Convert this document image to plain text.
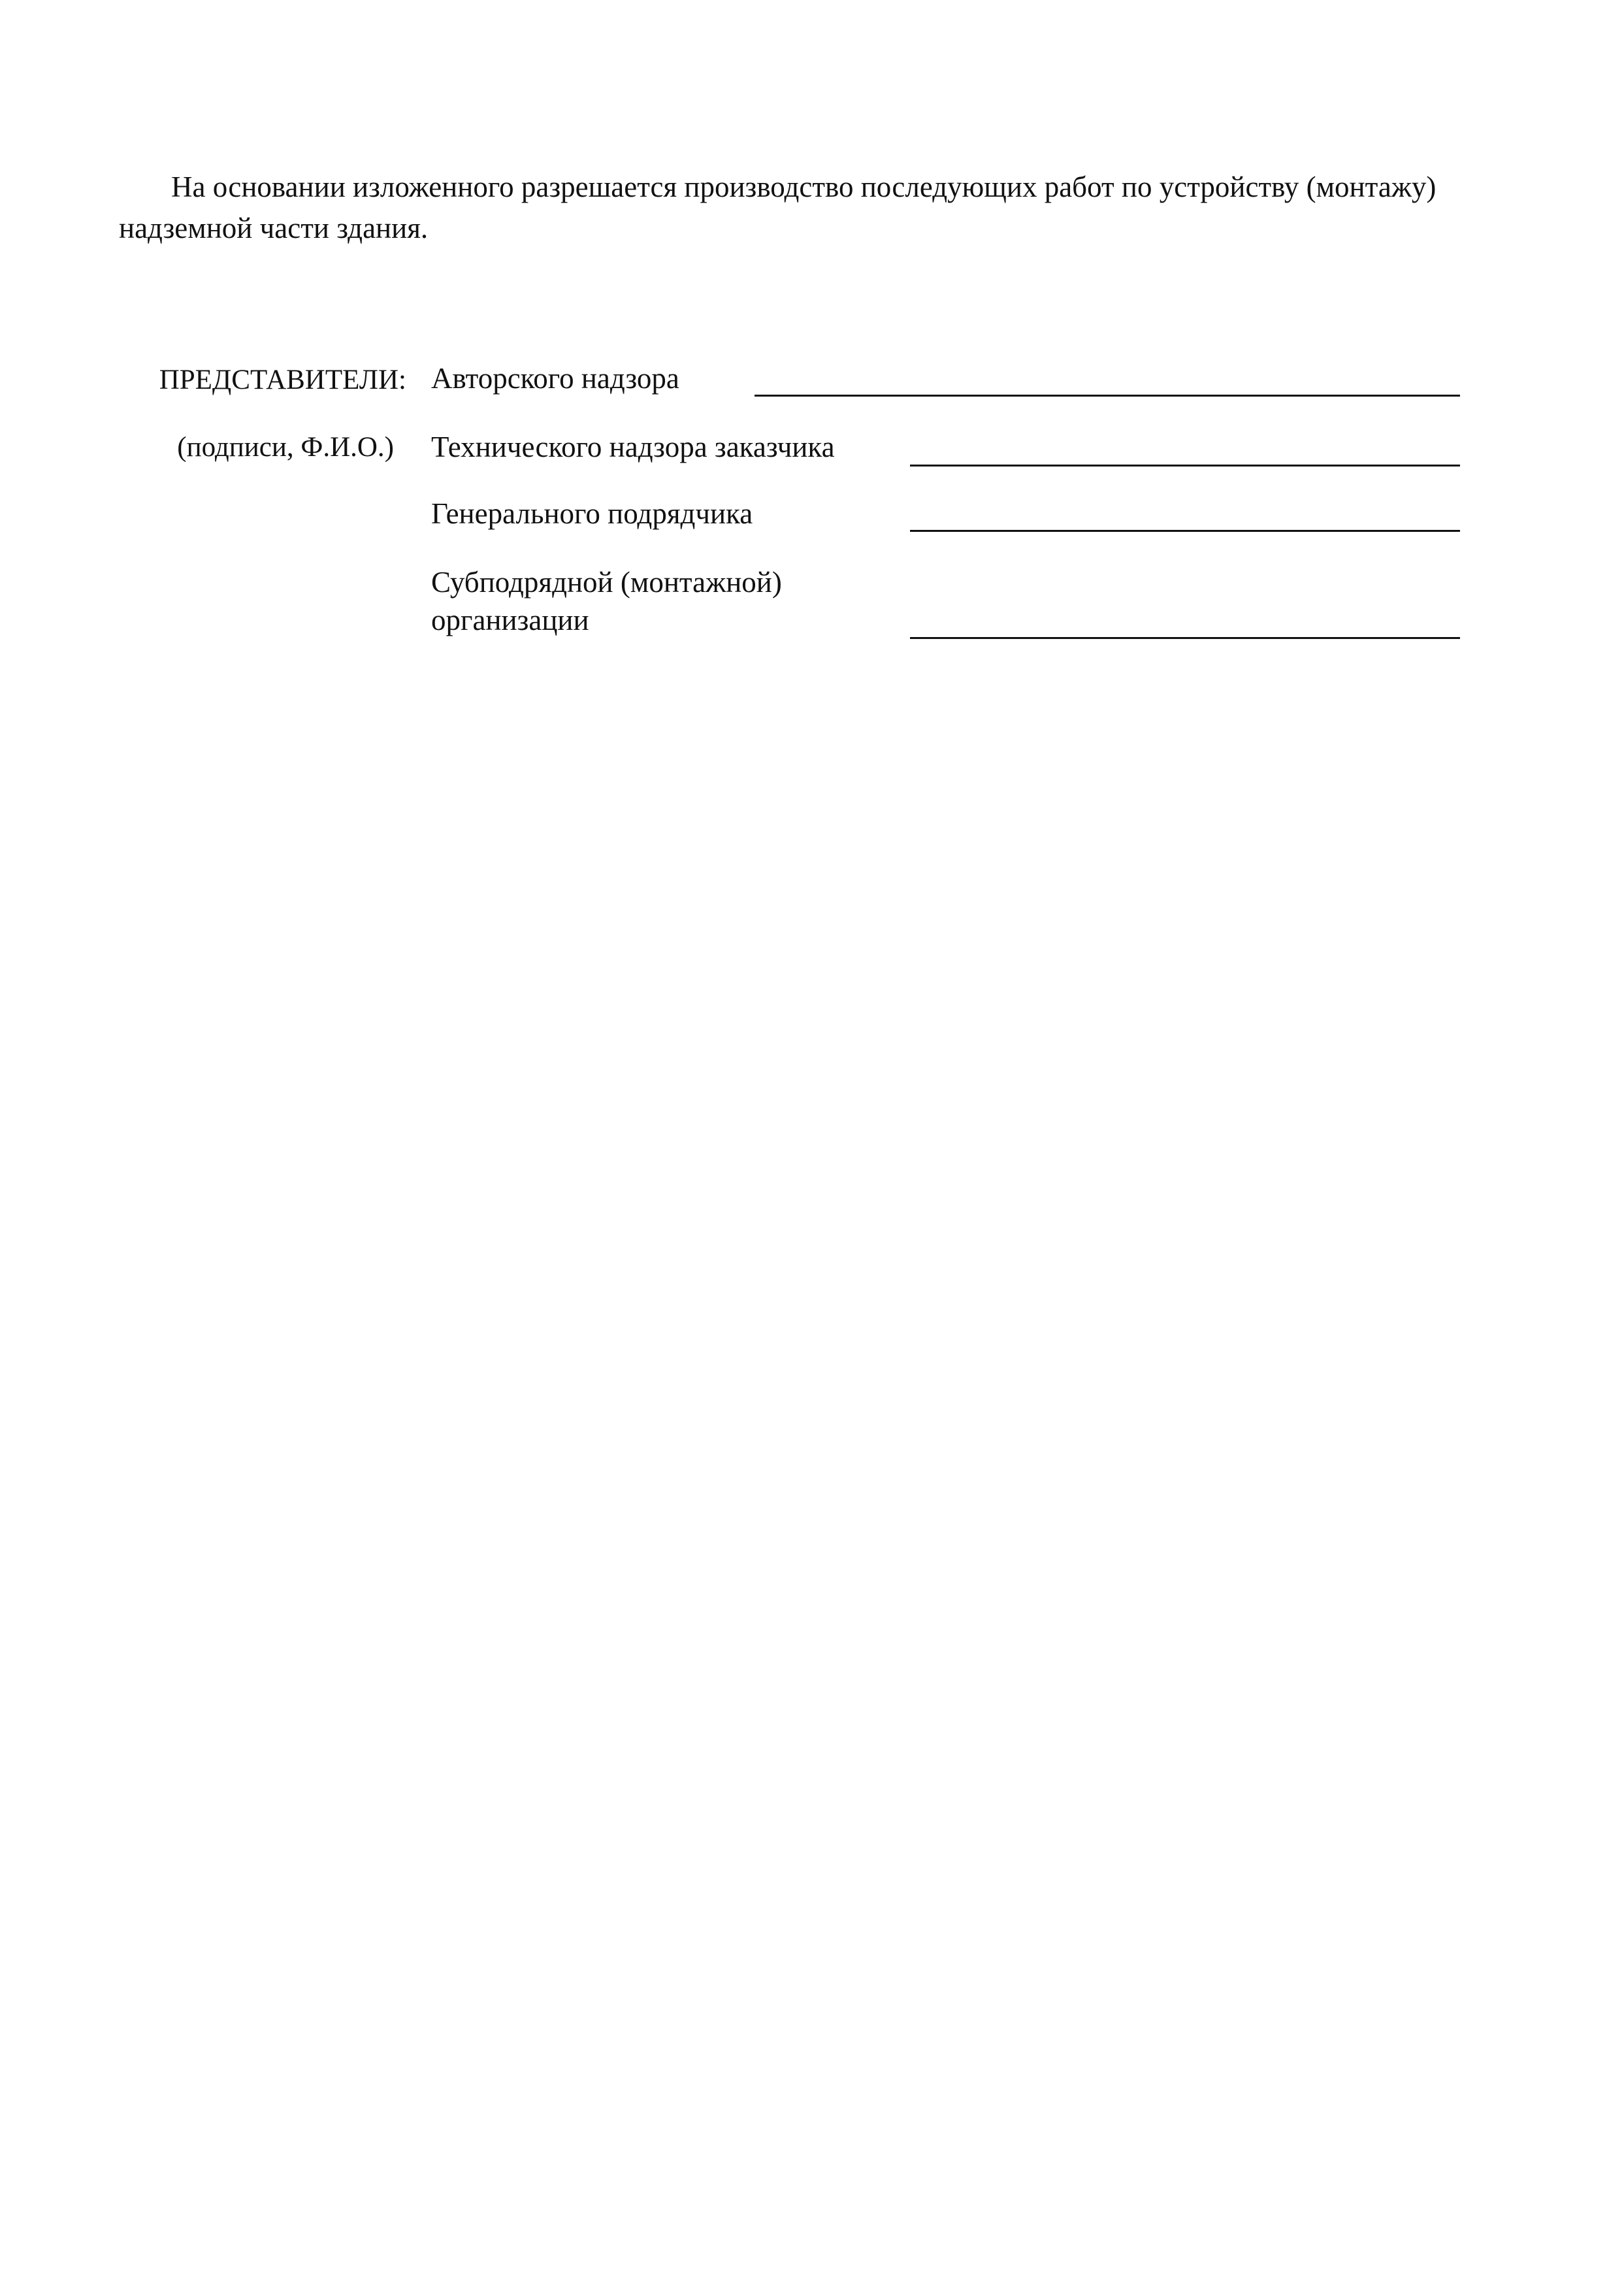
На основании изложенного разрешается производство последующих работ по устройству (монтажу) надземной части здания.

ПРЕДСТАВИТЕЛИ:
(подписи, Ф.И.О.)
Авторского надзора
Технического надзора заказчика
Генерального подрядчика
Субподрядной (монтажной)
организации
